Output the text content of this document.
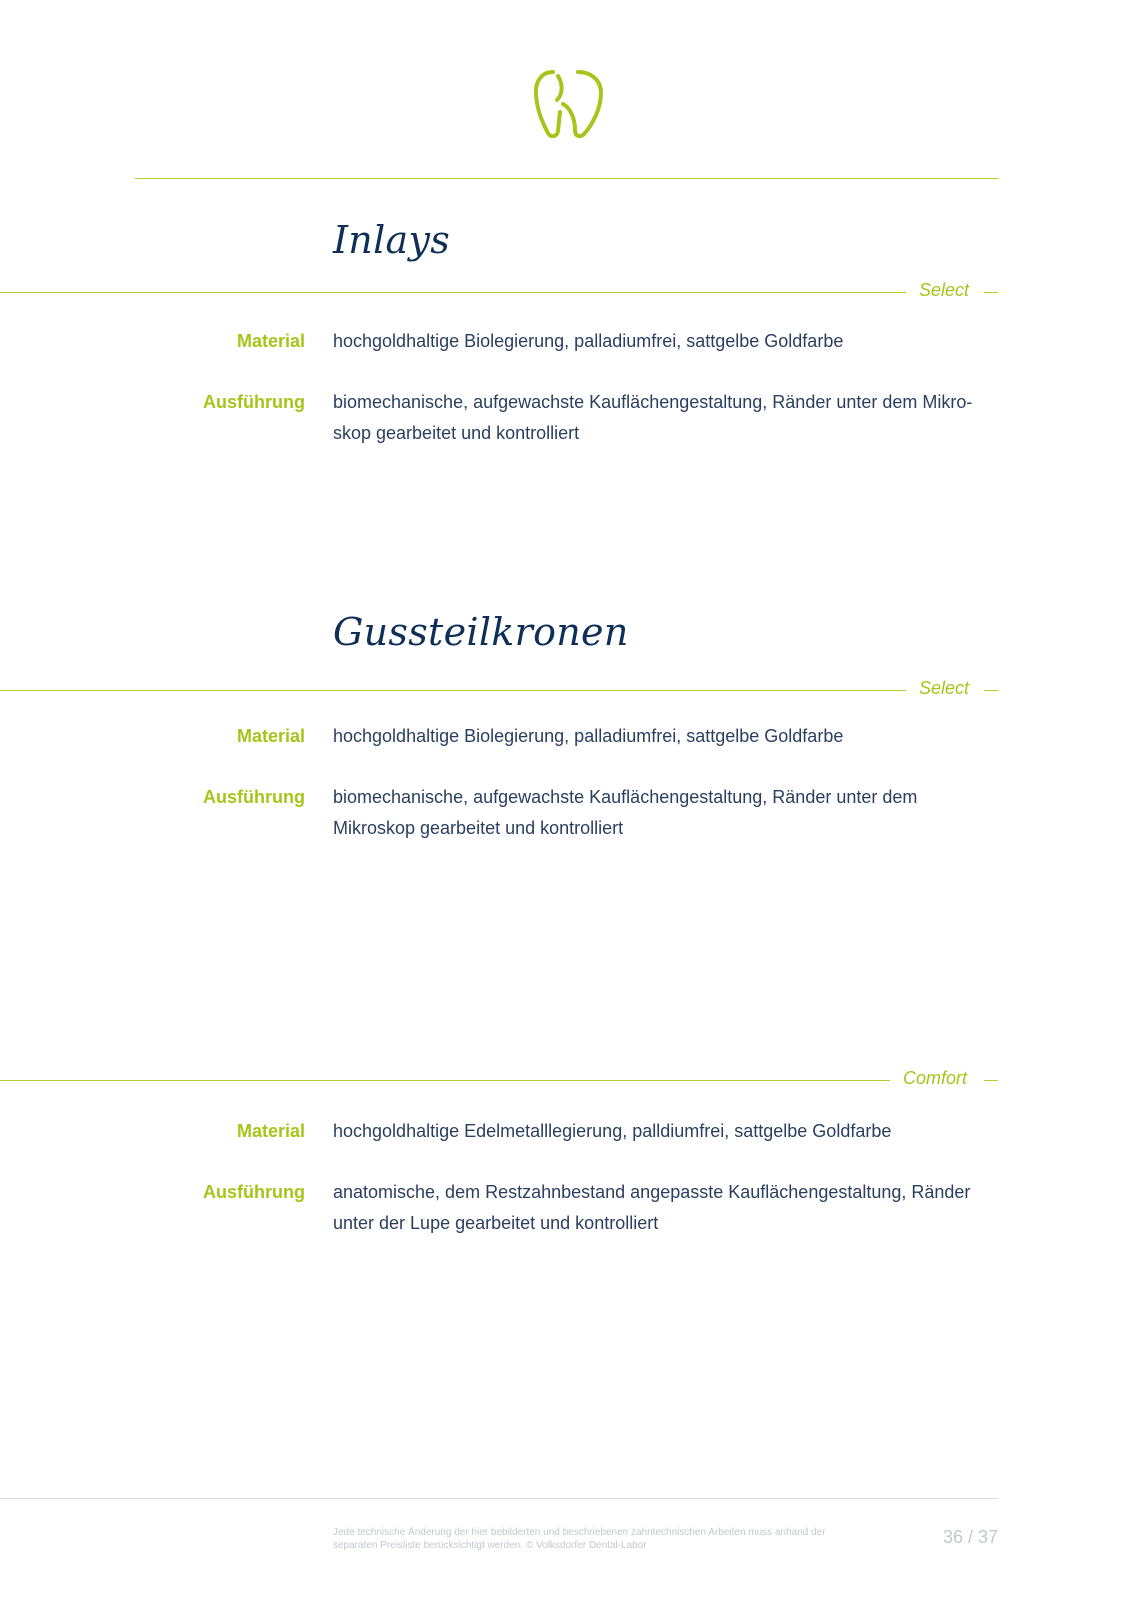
Inlays
Select
Material hochgoldhaltige Biolegierung, palladiumfrei, sattgelbe Goldfarbe
Ausführung biomechanische, aufgewachste Kauflächengestaltung, Ränder unter dem Mikro-skop gearbeitet und kontrolliert
Gussteilkronen
Select
Material hochgoldhaltige Biolegierung, palladiumfrei, sattgelbe Goldfarbe
Ausführung biomechanische, aufgewachste Kauflächengestaltung, Ränder unter dem Mikroskop gearbeitet und kontrolliert
Comfort
Material hochgoldhaltige Edelmetalllegierung, palldiumfrei, sattgelbe Goldfarbe
Ausführung anatomische, dem Restzahnbestand angepasste Kauflächengestaltung, Ränder unter der Lupe gearbeitet und kontrolliert
Jede technische Änderung der hier bebilderten und beschriebenen zahntechnischen Arbeiten muss anhand der separaten Preisliste berücksichtigt werden. © Volksdorfer Dental-Labor	36 / 37
